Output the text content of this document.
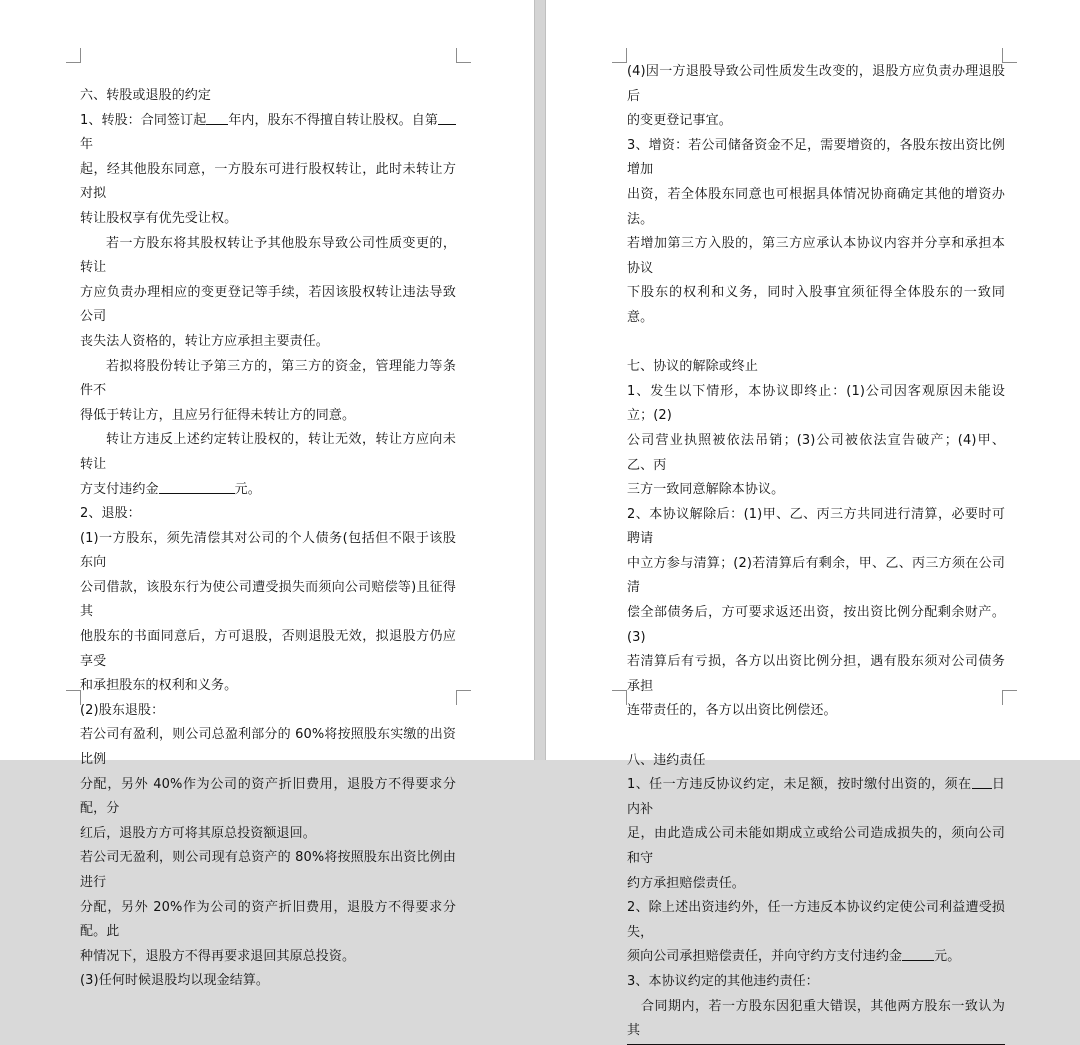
六、转股或退股的约定

1、转股：合同签订起 年内，股东不得擅自转让股权。自第年

起，经其他股东同意，一方股东可进行股权转让，此时未转让方对拟

转让股权享有优先受让权。

若一方股东将其股权转让予其他股东导致公司性质变更的，转让

方应负责办理相应的变更登记等手续，若因该股权转让违法导致公司

丧失法人资格的，转让方应承担主要责任。

若拟将股份转让予第三方的，第三方的资金，管理能力等条件不

得低于转让方，且应另行征得未转让方的同意。

转让方违反上述约定转让股权的，转让无效，转让方应向未转让

方支付违约金	元。

2、退股：

(1)一方股东，须先清偿其对公司的个人债务(包括但不限于该股东向

公司借款，该股东行为使公司遭受损失而须向公司赔偿等)且征得其

他股东的书面同意后，方可退股，否则退股无效，拟退股方仍应享受

和承担股东的权利和义务。

(2)股东退股：

若公司有盈利，则公司总盈利部分的 60%将按照股东实缴的出资比例

分配，另外 40%作为公司的资产折旧费用，退股方不得要求分配，分

红后，退股方方可将其原总投资额退回。

若公司无盈利，则公司现有总资产的 80%将按照股东出资比例由进行

分配，另外 20%作为公司的资产折旧费用，退股方不得要求分配。此

种情况下，退股方不得再要求退回其原总投资。

(3)任何时候退股均以现金结算。

(4)因一方退股导致公司性质发生改变的，退股方应负责办理退股后

的变更登记事宜。

3、增资：若公司储备资金不足，需要增资的，各股东按出资比例增加

出资，若全体股东同意也可根据具体情况协商确定其他的增资办法。

若增加第三方入股的，第三方应承认本协议内容并分享和承担本协议

下股东的权利和义务，同时入股事宜须征得全体股东的一致同意。

七、协议的解除或终止

1、发生以下情形，本协议即终止：(1)公司因客观原因未能设立；(2)

公司营业执照被依法吊销；(3)公司被依法宣告破产；(4)甲、乙、丙

三方一致同意解除本协议。

2、本协议解除后：(1)甲、乙、丙三方共同进行清算，必要时可聘请

中立方参与清算；(2)若清算后有剩余，甲、乙、丙三方须在公司清

偿全部债务后，方可要求返还出资，按出资比例分配剩余财产。(3)

若清算后有亏损，各方以出资比例分担，遇有股东须对公司债务承担

连带责任的，各方以出资比例偿还。

八、违约责任

1、任一方违反协议约定，未足额，按时缴付出资的，须在 日内补

足，由此造成公司未能如期成立或给公司造成损失的，须向公司和守

约方承担赔偿责任。

2、除上述出资违约外，任一方违反本协议约定使公司利益遭受损失，

须向公司承担赔偿责任，并向守约方支付违约金 元。

3、本协议约定的其他违约责任：

合同期内，若一方股东因犯重大错误，其他两方股东一致认为其
